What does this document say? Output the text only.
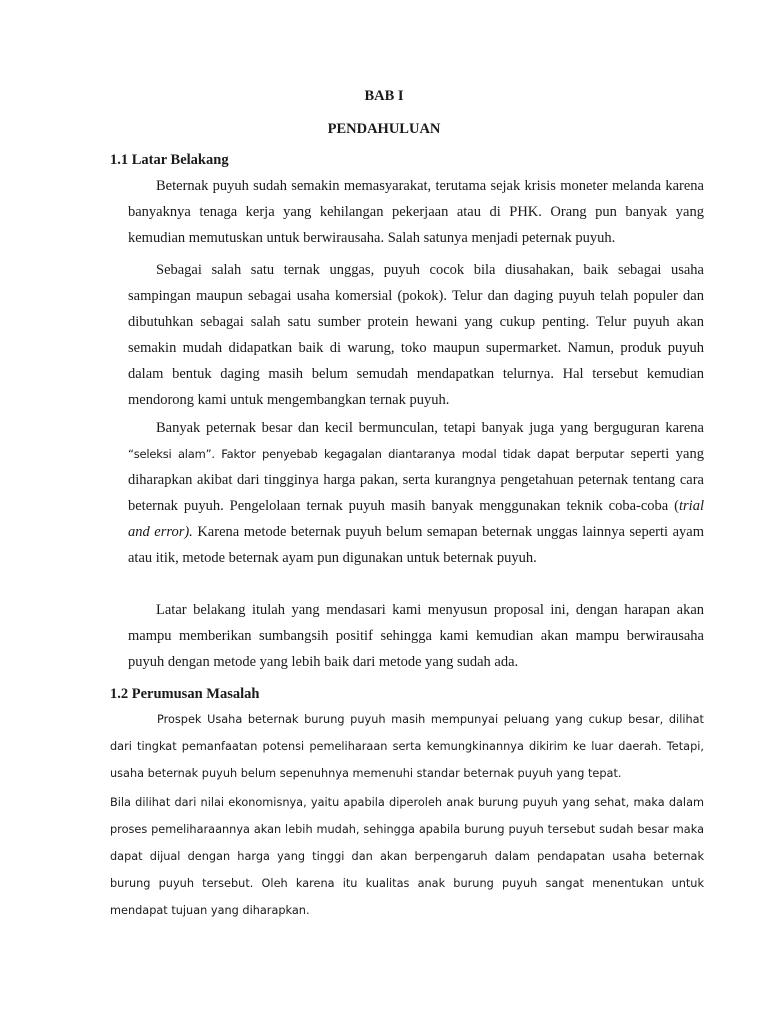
BAB I
PENDAHULUAN
1.1 Latar Belakang
Beternak puyuh sudah semakin memasyarakat, terutama sejak krisis moneter melanda karena banyaknya tenaga kerja yang kehilangan pekerjaan atau di PHK. Orang pun banyak yang kemudian memutuskan untuk berwirausaha. Salah satunya menjadi peternak puyuh.
Sebagai salah satu ternak unggas, puyuh cocok bila diusahakan, baik sebagai usaha sampingan maupun sebagai usaha komersial (pokok). Telur dan daging puyuh telah populer dan dibutuhkan sebagai salah satu sumber protein hewani yang cukup penting. Telur puyuh akan semakin mudah didapatkan baik di warung, toko maupun supermarket. Namun, produk puyuh dalam bentuk daging masih belum semudah mendapatkan telurnya. Hal tersebut kemudian mendorong kami untuk mengembangkan ternak puyuh.
Banyak peternak besar dan kecil bermunculan, tetapi banyak juga yang berguguran karena “seleksi alam”. Faktor penyebab kegagalan diantaranya modal tidak dapat berputar seperti yang diharapkan akibat dari tingginya harga pakan, serta kurangnya pengetahuan peternak tentang cara beternak puyuh. Pengelolaan ternak puyuh masih banyak menggunakan teknik coba-coba (trial and error). Karena metode beternak puyuh belum semapan beternak unggas lainnya seperti ayam atau itik, metode beternak ayam pun digunakan untuk beternak puyuh.
Latar belakang itulah yang mendasari kami menyusun proposal ini, dengan harapan akan mampu memberikan sumbangsih positif sehingga kami kemudian akan mampu berwirausaha puyuh dengan metode yang lebih baik dari metode yang sudah ada.
1.2 Perumusan Masalah
Prospek Usaha beternak burung puyuh masih mempunyai peluang yang cukup besar, dilihat dari tingkat pemanfaatan potensi pemeliharaan serta kemungkinannya dikirim ke luar daerah. Tetapi, usaha beternak puyuh belum sepenuhnya memenuhi standar beternak puyuh yang tepat.
Bila dilihat dari nilai ekonomisnya, yaitu apabila diperoleh anak burung puyuh yang sehat, maka dalam proses pemeliharaannya akan lebih mudah, sehingga apabila burung puyuh tersebut sudah besar maka dapat dijual dengan harga yang tinggi dan akan berpengaruh dalam pendapatan usaha beternak burung puyuh tersebut. Oleh karena itu kualitas anak burung puyuh sangat menentukan untuk mendapat tujuan yang diharapkan.
